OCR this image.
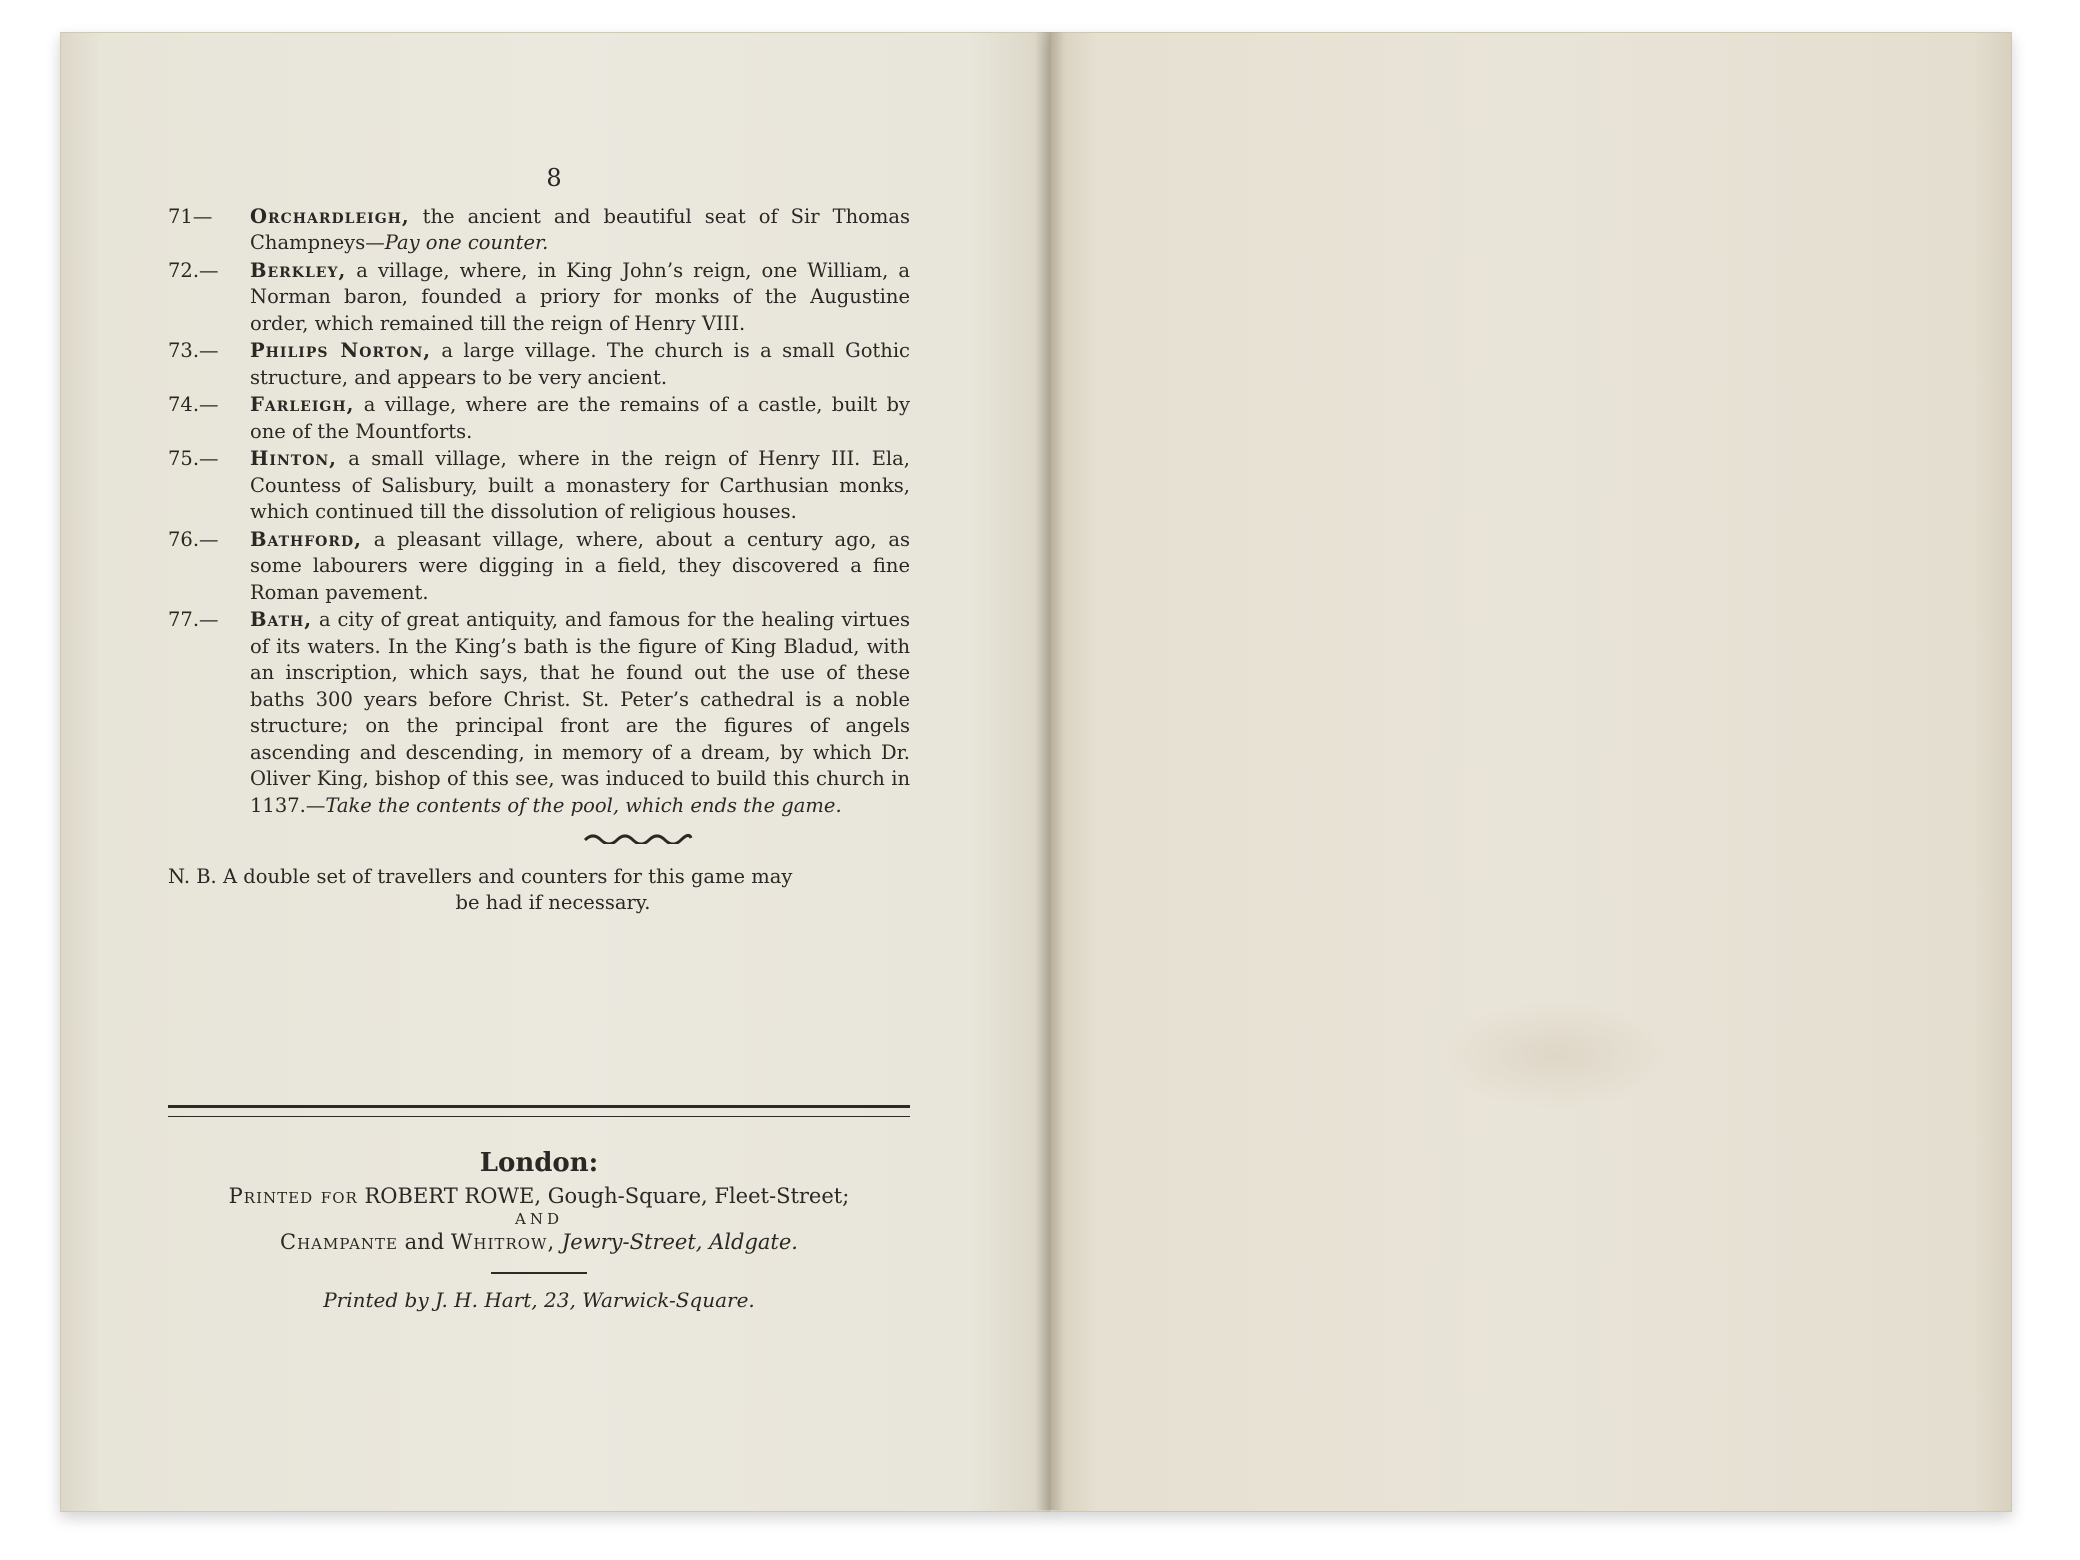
8
71— Orchardleigh, the ancient and beautiful seat of Sir Thomas Champneys—Pay one counter.
72.— Berkley, a village, where, in King John’s reign, one William, a Norman baron, founded a priory for monks of the Augustine order, which remained till the reign of Henry VIII.
73.— Philips Norton, a large village. The church is a small Gothic structure, and appears to be very ancient.
74.— Farleigh, a village, where are the remains of a castle, built by one of the Mountforts.
75.— Hinton, a small village, where in the reign of Henry III. Ela, Countess of Salisbury, built a monastery for Carthusian monks, which continued till the dissolution of religious houses.
76.— Bathford, a pleasant village, where, about a century ago, as some labourers were digging in a field, they discovered a fine Roman pavement.
77.— Bath, a city of great antiquity, and famous for the healing virtues of its waters. In the King’s bath is the figure of King Bladud, with an inscription, which says, that he found out the use of these baths 300 years before Christ. St. Peter’s cathedral is a noble structure; on the principal front are the figures of angels ascending and descending, in memory of a dream, by which Dr. Oliver King, bishop of this see, was induced to build this church in 1137.—Take the contents of the pool, which ends the game.
N. B. A double set of travellers and counters for this game may
be had if necessary.
London:
Printed for ROBERT ROWE, Gough-Square, Fleet-Street;
AND
Champante and Whitrow, Jewry-Street, Aldgate.
Printed by J. H. Hart, 23, Warwick-Square.
